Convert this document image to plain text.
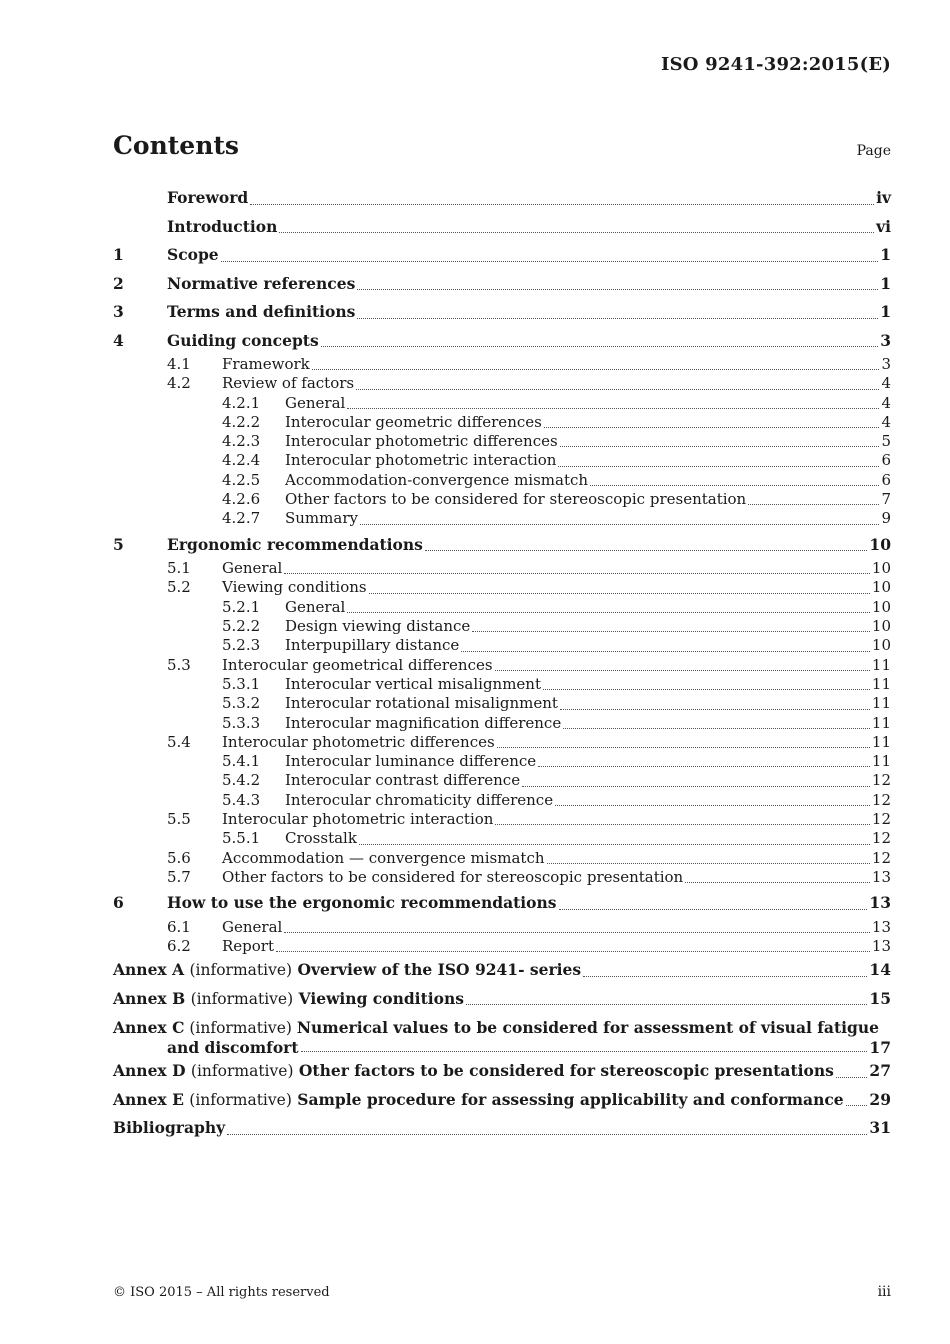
ISO 9241-392:2015(E)
Contents	Page
Foreword	iv
Introduction	vi
1	Scope	1
2	Normative references	1
3	Terms and definitions	1
4	Guiding concepts	3
4.1	Framework	3
4.2	Review of factors	4
4.2.1	General	4
4.2.2	Interocular geometric differences	4
4.2.3	Interocular photometric differences	5
4.2.4	Interocular photometric interaction	6
4.2.5	Accommodation-convergence mismatch	6
4.2.6	Other factors to be considered for stereoscopic presentation	7
4.2.7	Summary	9
5	Ergonomic recommendations	10
5.1	General	10
5.2	Viewing conditions	10
5.2.1	General	10
5.2.2	Design viewing distance	10
5.2.3	Interpupillary distance	10
5.3	Interocular geometrical differences	11
5.3.1	Interocular vertical misalignment	11
5.3.2	Interocular rotational misalignment	11
5.3.3	Interocular magnification difference	11
5.4	Interocular photometric differences	11
5.4.1	Interocular luminance difference	11
5.4.2	Interocular contrast difference	12
5.4.3	Interocular chromaticity difference	12
5.5	Interocular photometric interaction	12
5.5.1	Crosstalk	12
5.6	Accommodation — convergence mismatch	12
5.7	Other factors to be considered for stereoscopic presentation	13
6	How to use the ergonomic recommendations	13
6.1	General	13
6.2	Report	13
Annex A (informative) Overview of the ISO 9241- series	14
Annex B (informative) Viewing conditions	15
Annex C (informative) Numerical values to be considered for assessment of visual fatigue
and discomfort	17
Annex D (informative) Other factors to be considered for stereoscopic presentations 27
Annex E (informative) Sample procedure for assessing applicability and conformance 29
Bibliography	31
© ISO 2015 – All rights reserved	iii
